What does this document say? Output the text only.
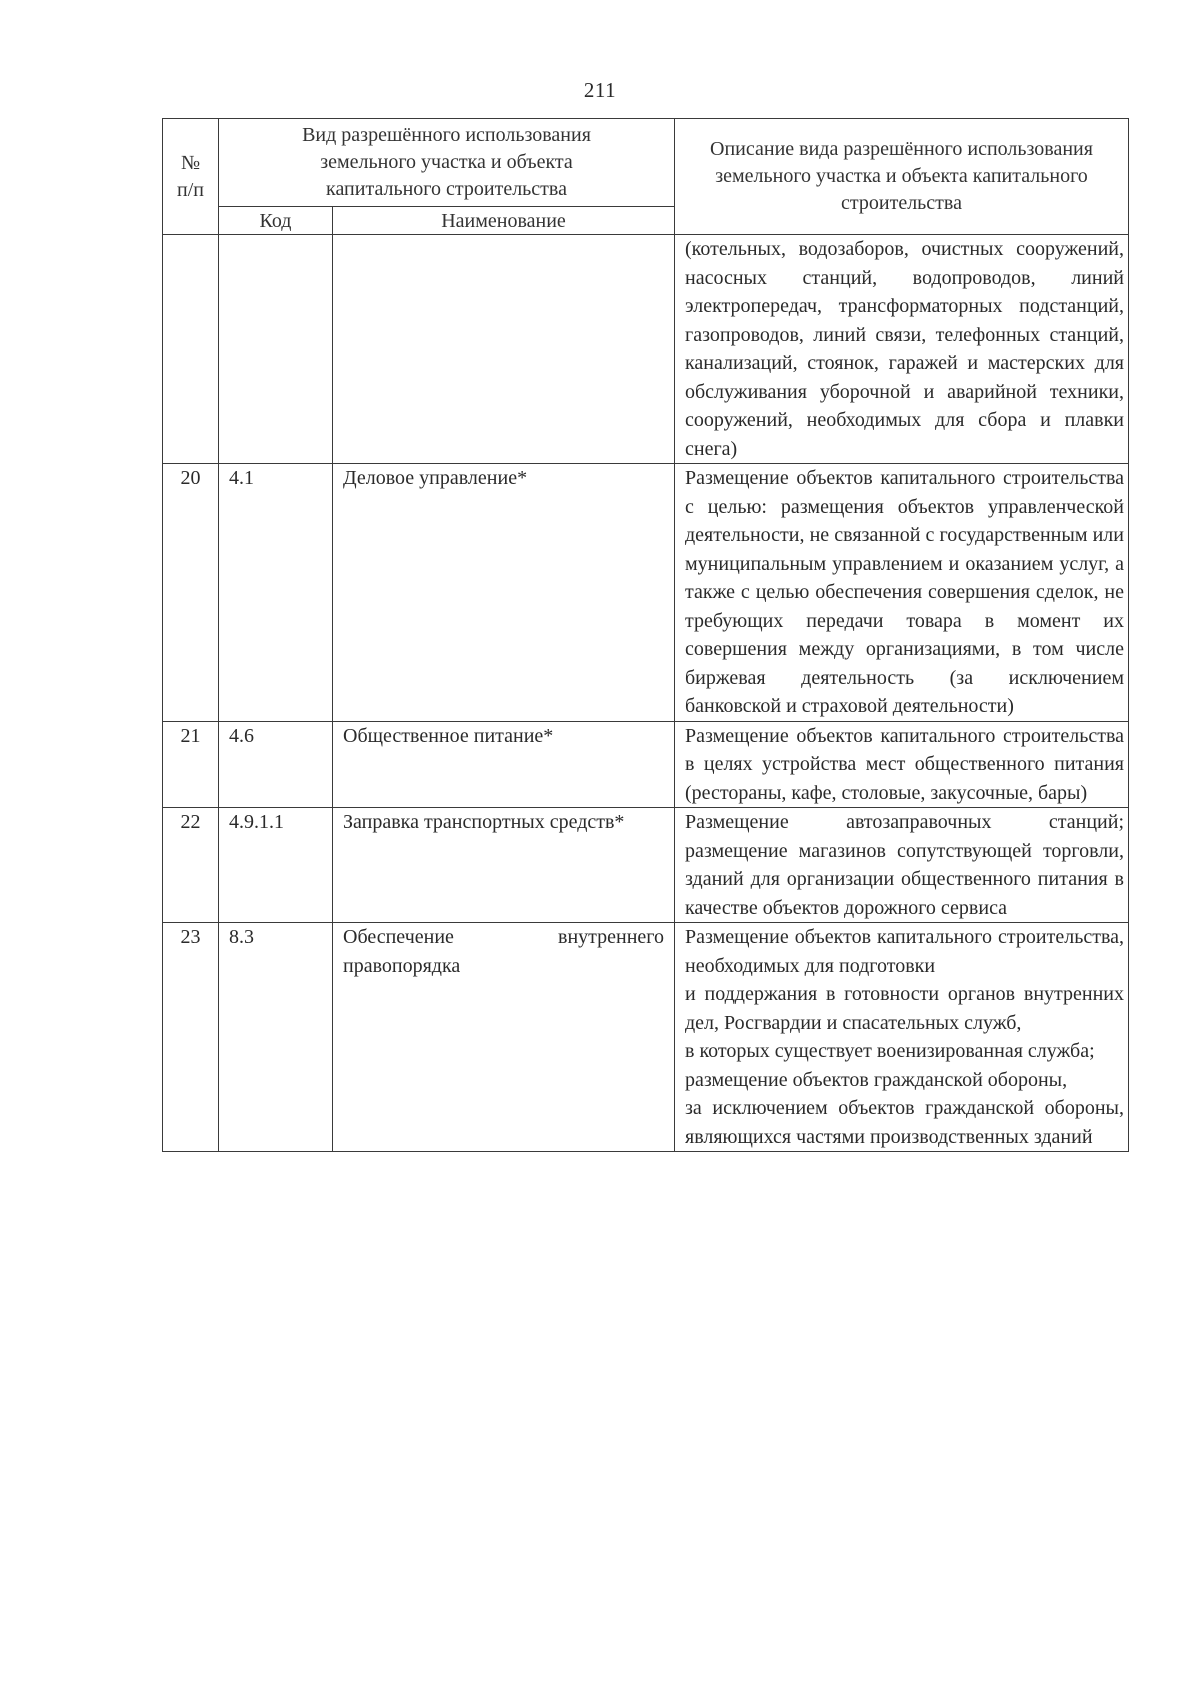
211
№ п/п	Вид разрешённого использования земельного участка и объекта капитального строительства		Описание вида разрешённого использования земельного участка и объекта капитального строительства
	Код	Наименование	

			(котельных, водозаборов, очистных сооружений, насосных станций, водопроводов, линий электропередач, трансформаторных подстанций, газопроводов, линий связи, телефонных станций, канализаций, стоянок, гаражей и мастерских для обслуживания уборочной и аварийной техники, сооружений, необходимых для сбора и плавки снега)

20	4.1	Деловое управление*	Размещение объектов капитального строительства с целью: размещения объектов управленческой деятельности, не связанной с государственным или муниципальным управлением и оказанием услуг, а также с целью обеспечения совершения сделок, не требующих передачи товара в момент их совершения между организациями, в том числе биржевая деятельность (за исключением банковской и страховой деятельности)

21	4.6	Общественное питание*	Размещение объектов капитального строительства в целях устройства мест общественного питания (рестораны, кафе, столовые, закусочные, бары)

22	4.9.1.1	Заправка транспортных средств*	Размещение автозаправочных станций; размещение магазинов сопутствующей торговли, зданий для организации общественного питания в качестве объектов дорожного сервиса

23	8.3	Обеспечение внутреннего правопорядка	Размещение объектов капитального строительства, необходимых для подготовки

и поддержания в готовности органов внутренних дел, Росгвардии и спасательных служб,

в которых существует военизированная служба;

размещение объектов гражданской обороны,

за исключением объектов гражданской обороны, являющихся частями производственных зданий
